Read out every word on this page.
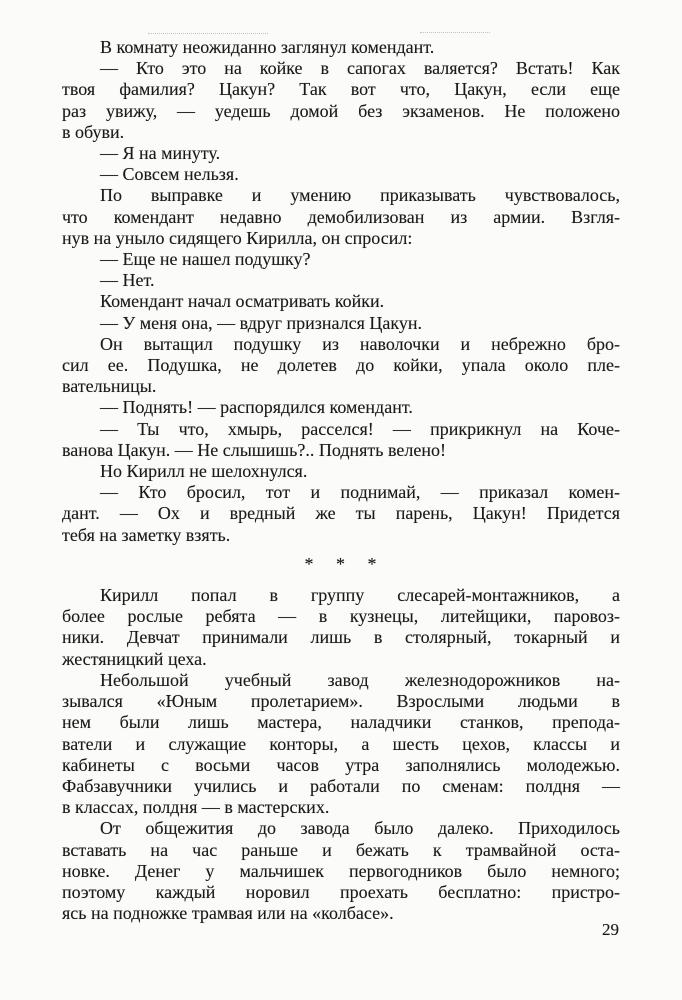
В комнату неожиданно заглянул комендант.
— Кто это на койке в сапогах валяется? Встать! Как
твоя фамилия? Цакун? Так вот что, Цакун, если еще
раз увижу, — уедешь домой без экзаменов. Не положено
в обуви.
— Я на минуту.
— Совсем нельзя.
По выправке и умению приказывать чувствовалось,
что комендант недавно демобилизован из армии. Взгля-
нув на уныло сидящего Кирилла, он спросил:
— Еще не нашел подушку?
— Нет.
Комендант начал осматривать койки.
— У меня она, — вдруг признался Цакун.
Он вытащил подушку из наволочки и небрежно бро-
сил ее. Подушка, не долетев до койки, упала около пле-
вательницы.
— Поднять! — распорядился комендант.
— Ты что, хмырь, расселся! — прикрикнул на Коче-
ванова Цакун. — Не слышишь?.. Поднять велено!
Но Кирилл не шелохнулся.
— Кто бросил, тот и поднимай, — приказал комен-
дант. — Ох и вредный же ты парень, Цакун! Придется
тебя на заметку взять.
* * *
Кирилл попал в группу слесарей-монтажников, а
более рослые ребята — в кузнецы, литейщики, паровоз-
ники. Девчат принимали лишь в столярный, токарный и
жестяницкий цеха.
Небольшой учебный завод железнодорожников на-
зывался «Юным пролетарием». Взрослыми людьми в
нем были лишь мастера, наладчики станков, препода-
ватели и служащие конторы, а шесть цехов, классы и
кабинеты с восьми часов утра заполнялись молодежью.
Фабзавучники учились и работали по сменам: полдня —
в классах, полдня — в мастерских.
От общежития до завода было далеко. Приходилось
вставать на час раньше и бежать к трамвайной оста-
новке. Денег у мальчишек первогодников было немного;
поэтому каждый норовил проехать бесплатно: пристро-
ясь на подножке трамвая или на «колбасе».
29
